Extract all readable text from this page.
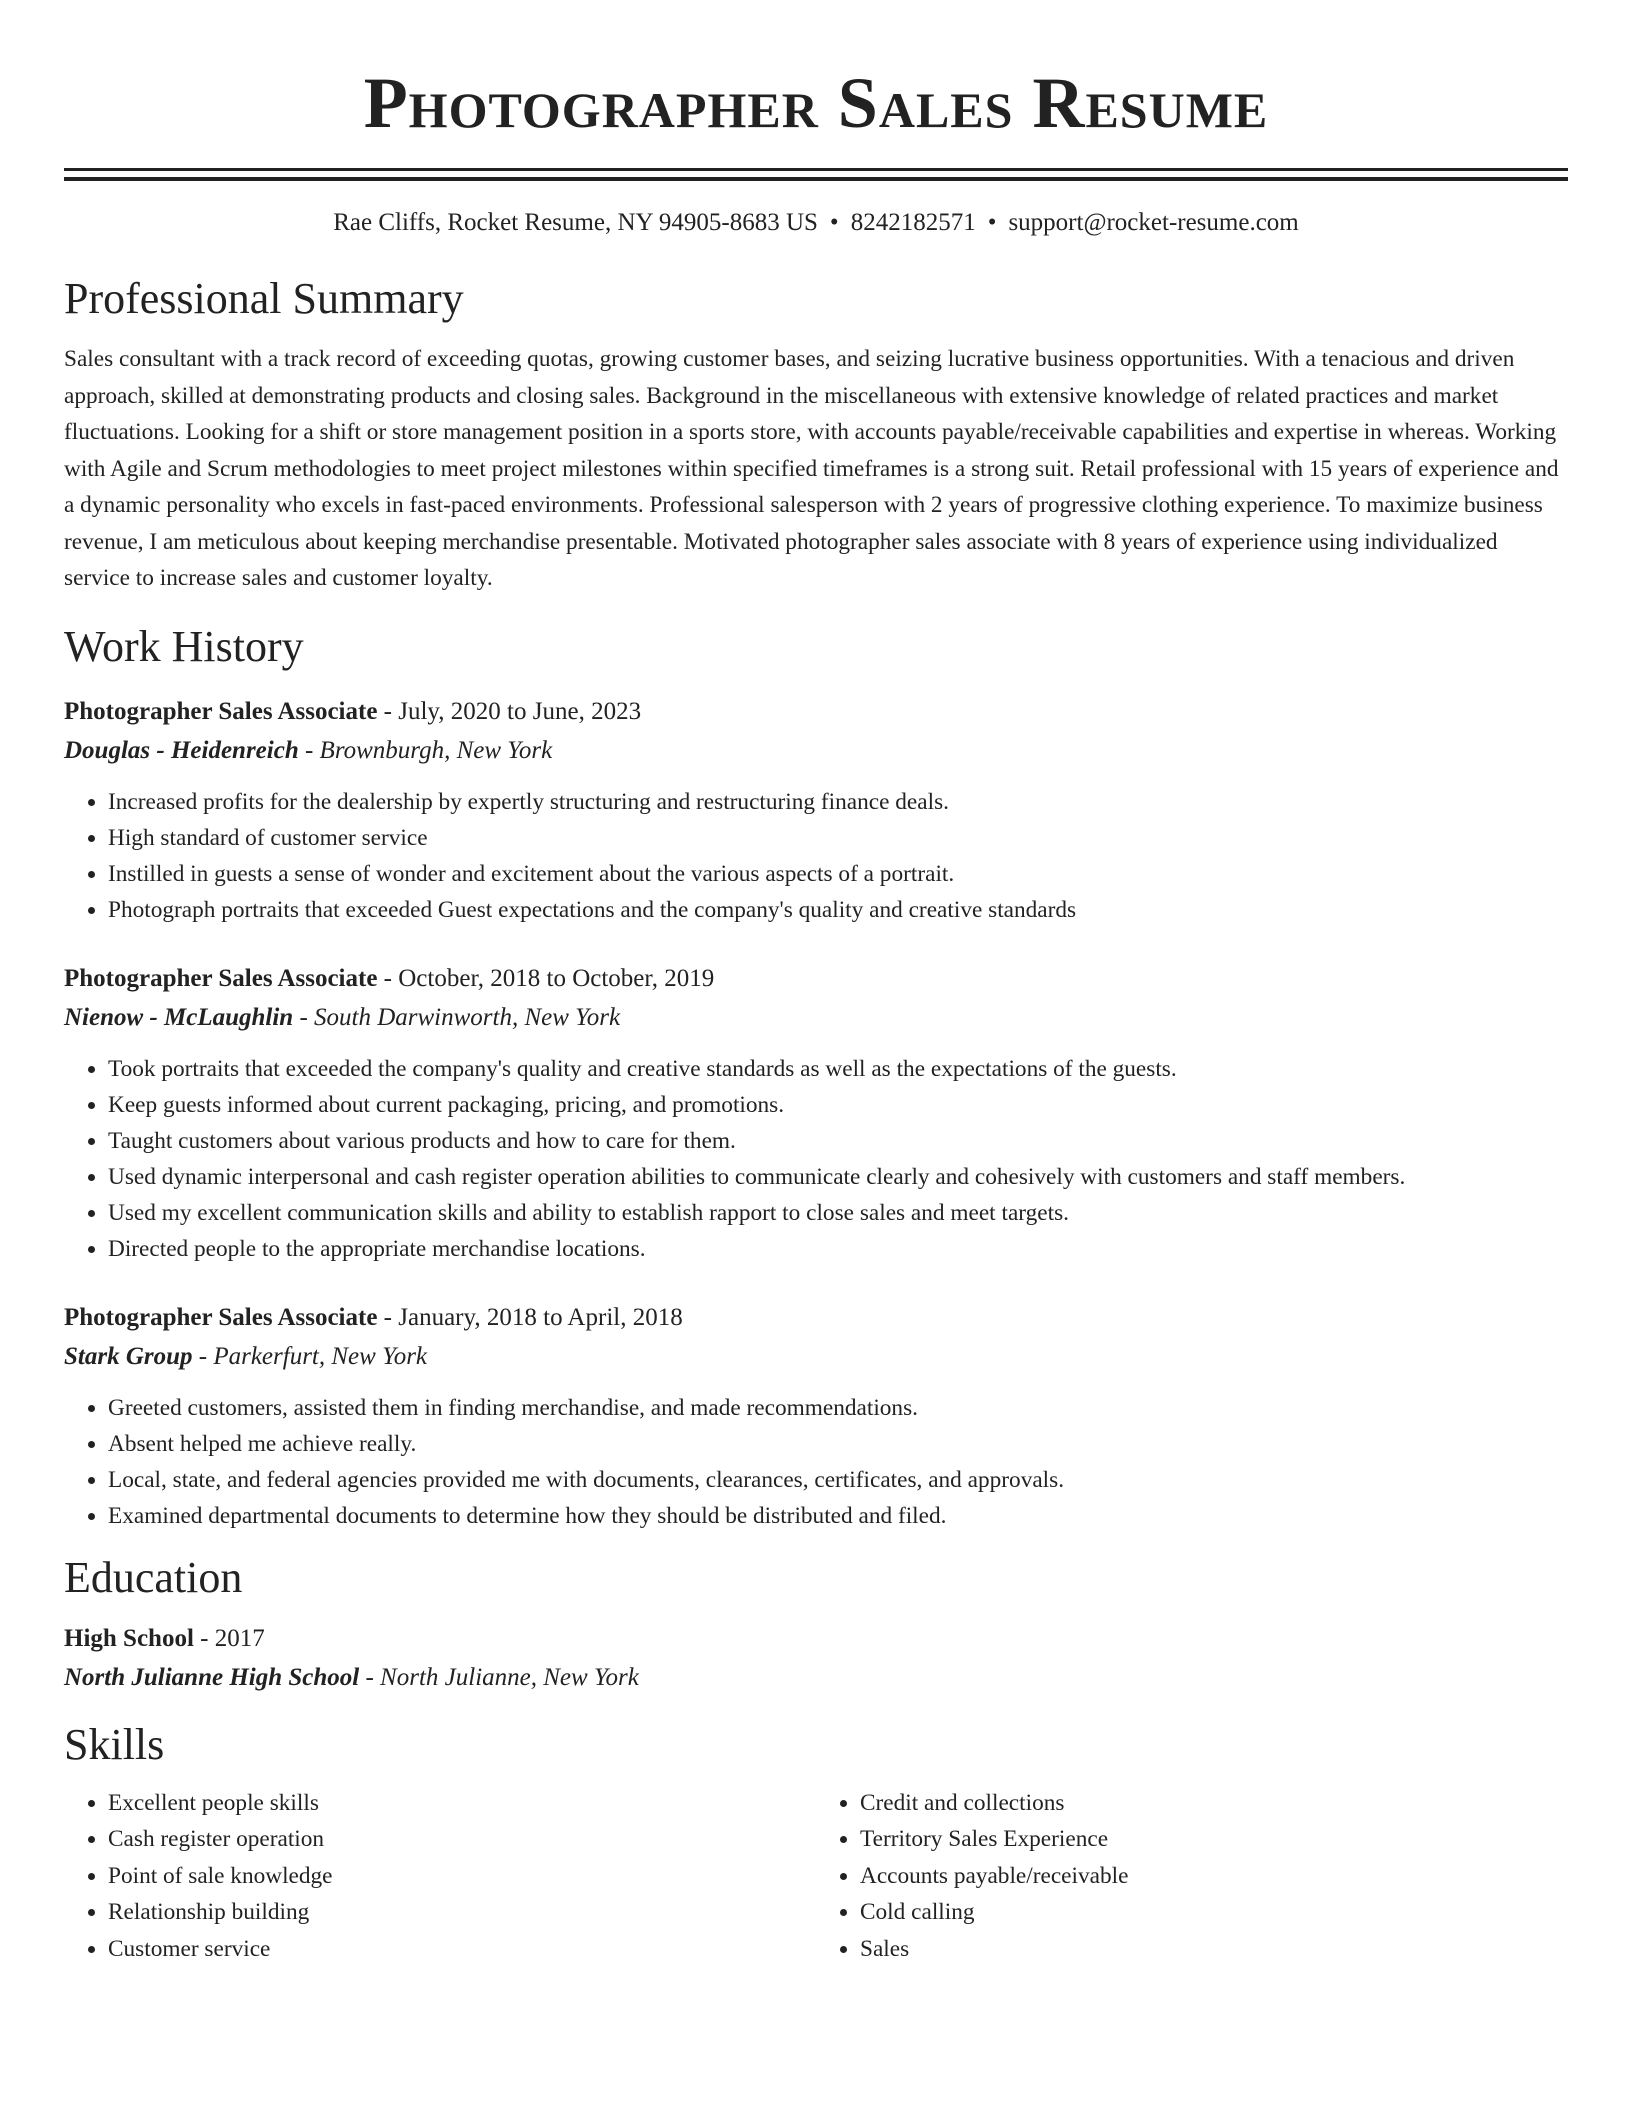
Photographer Sales Resume
Rae Cliffs, Rocket Resume, NY 94905-8683 US • 8242182571 • support@rocket-resume.com
Professional Summary

Sales consultant with a track record of exceeding quotas, growing customer bases, and seizing lucrative business opportunities. With a tenacious and driven approach, skilled at demonstrating products and closing sales. Background in the miscellaneous with extensive knowledge of related practices and market fluctuations. Looking for a shift or store management position in a sports store, with accounts payable/receivable capabilities and expertise in whereas. Working with Agile and Scrum methodologies to meet project milestones within specified timeframes is a strong suit. Retail professional with 15 years of experience and a dynamic personality who excels in fast-paced environments. Professional salesperson with 2 years of progressive clothing experience. To maximize business revenue, I am meticulous about keeping merchandise presentable. Motivated photographer sales associate with 8 years of experience using individualized service to increase sales and customer loyalty.

Work History
Photographer Sales Associate - July, 2020 to June, 2023
Douglas - Heidenreich - Brownburgh, New York
• Increased profits for the dealership by expertly structuring and restructuring finance deals.
• High standard of customer service
• Instilled in guests a sense of wonder and excitement about the various aspects of a portrait.
• Photograph portraits that exceeded Guest expectations and the company's quality and creative standards
Photographer Sales Associate - October, 2018 to October, 2019
Nienow - McLaughlin - South Darwinworth, New York
• Took portraits that exceeded the company's quality and creative standards as well as the expectations of the guests.
• Keep guests informed about current packaging, pricing, and promotions.
• Taught customers about various products and how to care for them.
• Used dynamic interpersonal and cash register operation abilities to communicate clearly and cohesively with customers and staff members.
• Used my excellent communication skills and ability to establish rapport to close sales and meet targets.
• Directed people to the appropriate merchandise locations.
Photographer Sales Associate - January, 2018 to April, 2018
Stark Group - Parkerfurt, New York
• Greeted customers, assisted them in finding merchandise, and made recommendations.
• Absent helped me achieve really.
• Local, state, and federal agencies provided me with documents, clearances, certificates, and approvals.
• Examined departmental documents to determine how they should be distributed and filed.
Education
High School - 2017
North Julianne High School - North Julianne, New York
Skills
• Excellent people skills
• Cash register operation
• Point of sale knowledge
• Relationship building
• Customer service
• Credit and collections
• Territory Sales Experience
• Accounts payable/receivable
• Cold calling
• Sales
